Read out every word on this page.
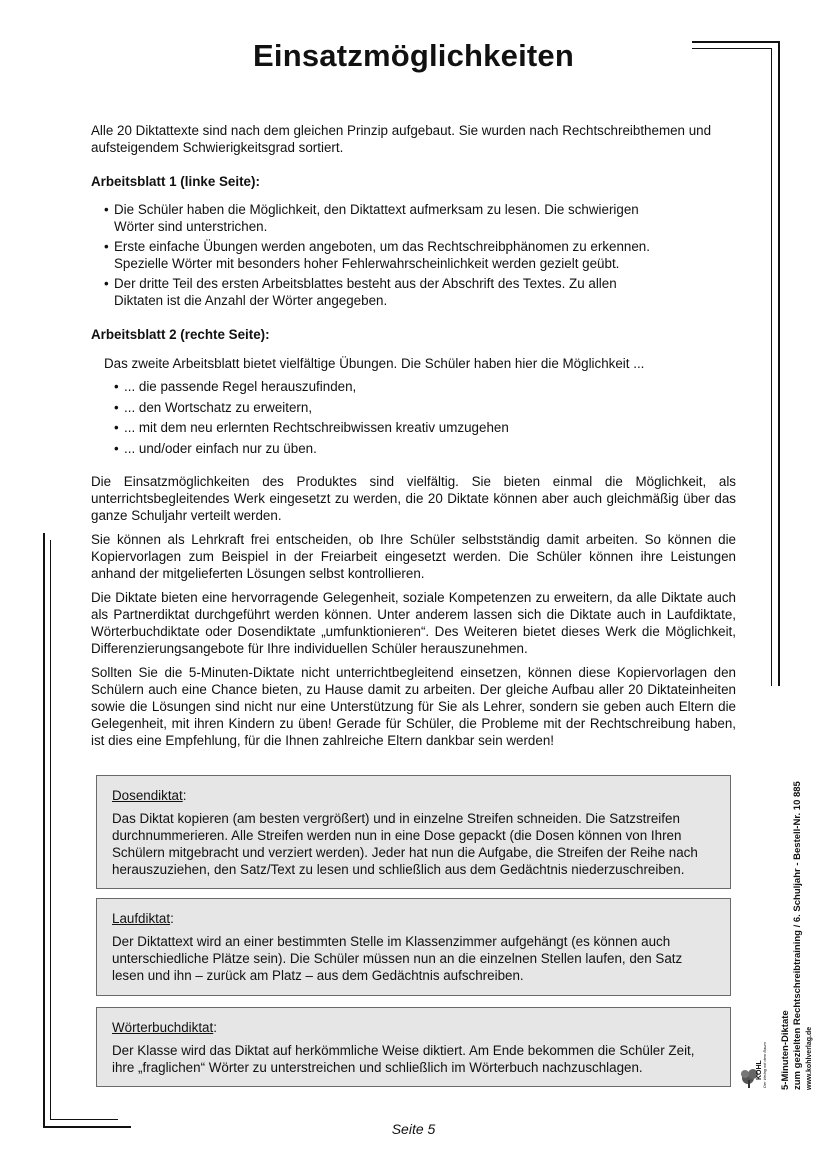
Einsatzmöglichkeiten

Alle 20 Diktattexte sind nach dem gleichen Prinzip aufgebaut. Sie wurden nach Rechtschreibthemen und aufsteigendem Schwierigkeitsgrad sortiert.

Arbeitsblatt 1 (linke Seite):
• Die Schüler haben die Möglichkeit, den Diktattext aufmerksam zu lesen. Die schwierigen
Wörter sind unterstrichen.
• Erste einfache Übungen werden angeboten, um das Rechtschreibphänomen zu erkennen.
Spezielle Wörter mit besonders hoher Fehlerwahrscheinlichkeit werden gezielt geübt.
• Der dritte Teil des ersten Arbeitsblattes besteht aus der Abschrift des Textes. Zu allen
Diktaten ist die Anzahl der Wörter angegeben.
Arbeitsblatt 2 (rechte Seite):
Das zweite Arbeitsblatt bietet vielfältige Übungen. Die Schüler haben hier die Möglichkeit ...
• ... die passende Regel herauszufinden,
• ... den Wortschatz zu erweitern,
• ... mit dem neu erlernten Rechtschreibwissen kreativ umzugehen
• ... und/oder einfach nur zu üben.

Die Einsatzmöglichkeiten des Produktes sind vielfältig. Sie bieten einmal die Möglichkeit, als unterrichtsbegleitendes Werk eingesetzt zu werden, die 20 Diktate können aber auch gleichmäßig über das ganze Schuljahr verteilt werden.

Sie können als Lehrkraft frei entscheiden, ob Ihre Schüler selbstständig damit arbeiten. So können die Kopiervorlagen zum Beispiel in der Freiarbeit eingesetzt werden. Die Schüler können ihre Leistungen anhand der mitgelieferten Lösungen selbst kontrollieren.

Die Diktate bieten eine hervorragende Gelegenheit, soziale Kompetenzen zu erweitern, da alle Diktate auch als Partnerdiktat durchgeführt werden können. Unter anderem lassen sich die Diktate auch in Laufdiktate, Wörterbuchdiktate oder Dosendiktate „umfunktionieren“. Des Weiteren bietet dieses Werk die Möglichkeit, Differenzierungsangebote für Ihre individuellen Schüler herauszunehmen.

Sollten Sie die 5-Minuten-Diktate nicht unterrichtbegleitend einsetzen, können diese Kopiervorlagen den Schülern auch eine Chance bieten, zu Hause damit zu arbeiten. Der gleiche Aufbau aller 20 Diktateinheiten sowie die Lösungen sind nicht nur eine Unterstützung für Sie als Lehrer, sondern sie geben auch Eltern die Gelegenheit, mit ihren Kindern zu üben! Gerade für Schüler, die Probleme mit der Rechtschreibung haben, ist dies eine Empfehlung, für die Ihnen zahlreiche Eltern dankbar sein werden!

Dosendiktat:

Das Diktat kopieren (am besten vergrößert) und in einzelne Streifen schneiden. Die Satzstreifen durchnummerieren. Alle Streifen werden nun in eine Dose gepackt (die Dosen können von Ihren Schülern mitgebracht und verziert werden). Jeder hat nun die Aufgabe, die Streifen der Reihe nach herauszuziehen, den Satz/Text zu lesen und schließlich aus dem Gedächtnis niederzuschreiben.

Laufdiktat:

Der Diktattext wird an einer bestimmten Stelle im Klassenzimmer aufgehängt (es können auch unterschiedliche Plätze sein). Die Schüler müssen nun an die einzelnen Stellen laufen, den Satz lesen und ihn – zurück am Platz – aus dem Gedächtnis aufschreiben.

Wörterbuchdiktat:

Der Klasse wird das Diktat auf herkömmliche Weise diktiert. Am Ende bekommen die Schüler Zeit, ihre „fraglichen“ Wörter zu unterstreichen und schließlich im Wörterbuch nachzuschlagen.

Seite 5
5-Minuten-Diktate zum gezielten Rechtschreibtraining / 6. Schuljahr - Bestell-Nr. 10 885
KOHL Der Verlag mit dem Baum	www.kohlverlag.de
